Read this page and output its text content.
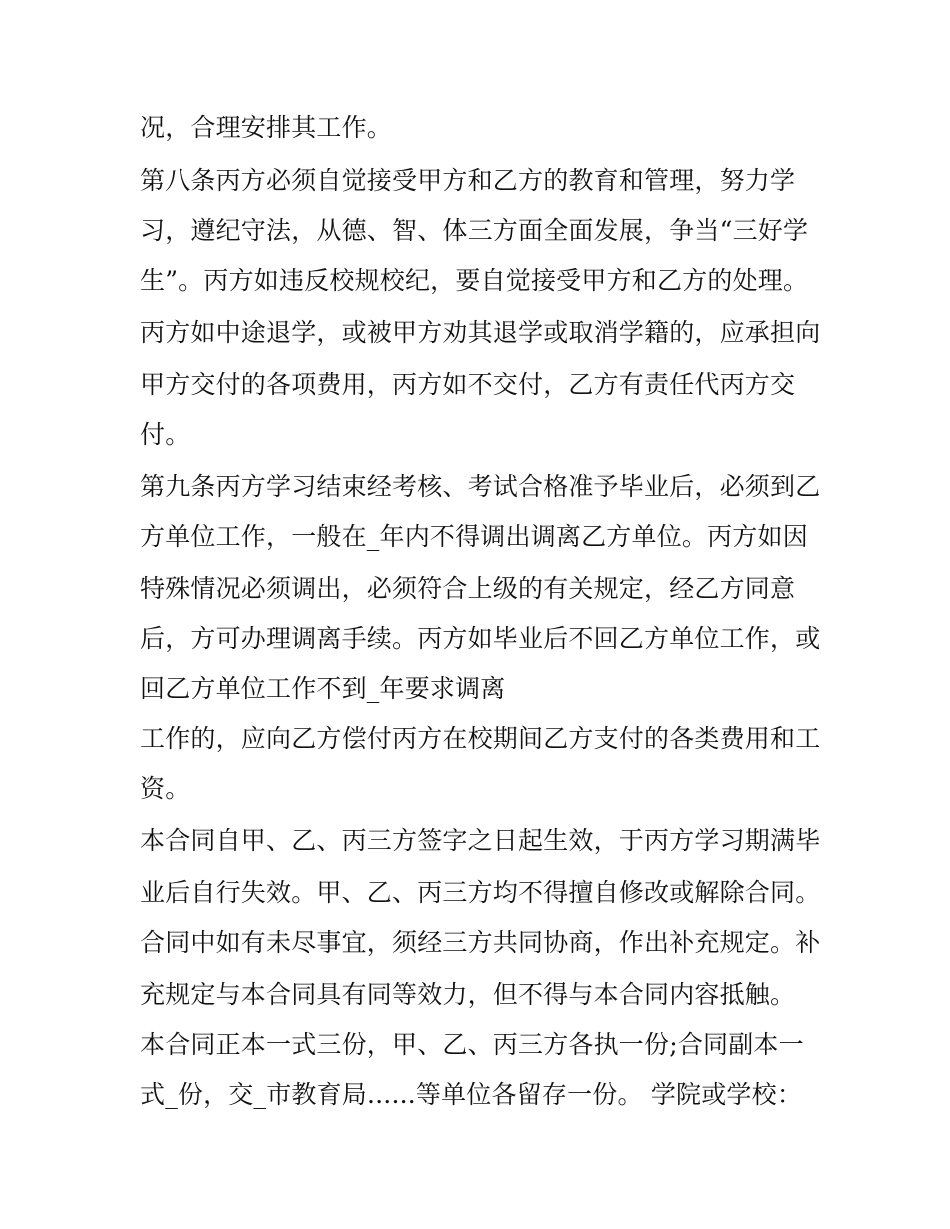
况，合理安排其工作。
第八条丙方必须自觉接受甲方和乙方的教育和管理，努力学
习，遵纪守法，从德、智、体三方面全面发展，争当“三好学
生”。丙方如违反校规校纪，要自觉接受甲方和乙方的处理。
丙方如中途退学，或被甲方劝其退学或取消学籍的，应承担向
甲方交付的各项费用，丙方如不交付，乙方有责任代丙方交
付。
第九条丙方学习结束经考核、考试合格准予毕业后，必须到乙
方单位工作，一般在_年内不得调出调离乙方单位。丙方如因
特殊情况必须调出，必须符合上级的有关规定，经乙方同意
后，方可办理调离手续。丙方如毕业后不回乙方单位工作，或
回乙方单位工作不到_年要求调离
工作的，应向乙方偿付丙方在校期间乙方支付的各类费用和工
资。
本合同自甲、乙、丙三方签字之日起生效，于丙方学习期满毕
业后自行失效。甲、乙、丙三方均不得擅自修改或解除合同。
合同中如有未尽事宜，须经三方共同协商，作出补充规定。补
充规定与本合同具有同等效力，但不得与本合同内容抵触。
本合同正本一式三份，甲、乙、丙三方各执一份;合同副本一
式_份，交_市教育局......等单位各留存一份。 学院或学校：
